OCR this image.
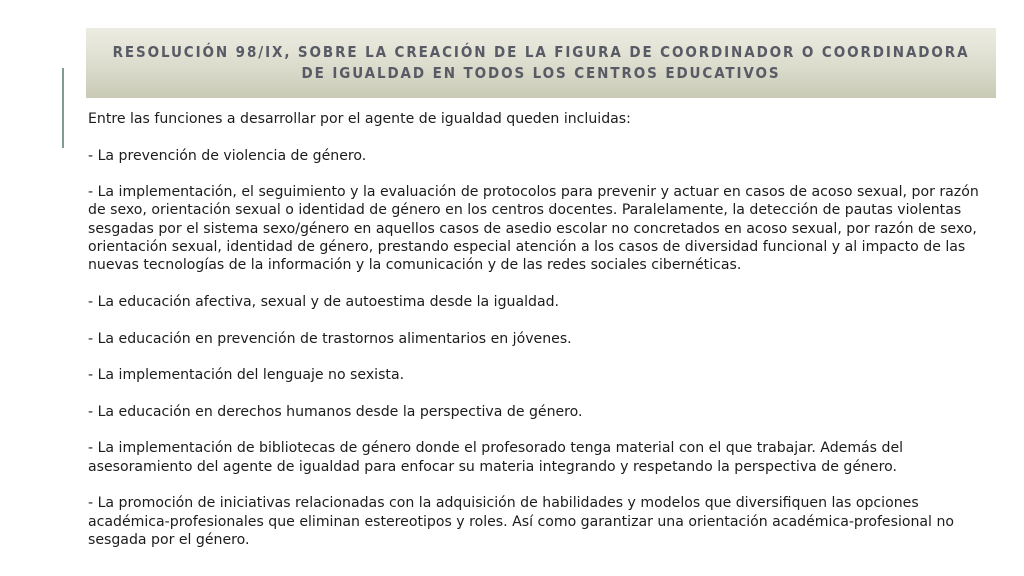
RESOLUCIÓN 98/IX, SOBRE LA CREACIÓN DE LA FIGURA DE COORDINADOR O COORDINADORA DE IGUALDAD EN TODOS LOS CENTROS EDUCATIVOS

Entre las funciones a desarrollar por el agente de igualdad queden incluidas:

- La prevención de violencia de género.

- La implementación, el seguimiento y la evaluación de protocolos para prevenir y actuar en casos de acoso sexual, por razón de sexo, orientación sexual o identidad de género en los centros docentes. Paralelamente, la detección de pautas violentas sesgadas por el sistema sexo/género en aquellos casos de asedio escolar no concretados en acoso sexual, por razón de sexo, orientación sexual, identidad de género, prestando especial atención a los casos de diversidad funcional y al impacto de las nuevas tecnologías de la información y la comunicación y de las redes sociales cibernéticas.

- La educación afectiva, sexual y de autoestima desde la igualdad.

- La educación en prevención de trastornos alimentarios en jóvenes.

- La implementación del lenguaje no sexista.

- La educación en derechos humanos desde la perspectiva de género.

- La implementación de bibliotecas de género donde el profesorado tenga material con el que trabajar. Además del asesoramiento del agente de igualdad para enfocar su materia integrando y respetando la perspectiva de género.

- La promoción de iniciativas relacionadas con la adquisición de habilidades y modelos que diversifiquen las opciones académica-profesionales que eliminan estereotipos y roles. Así como garantizar una orientación académica-profesional no sesgada por el género.
